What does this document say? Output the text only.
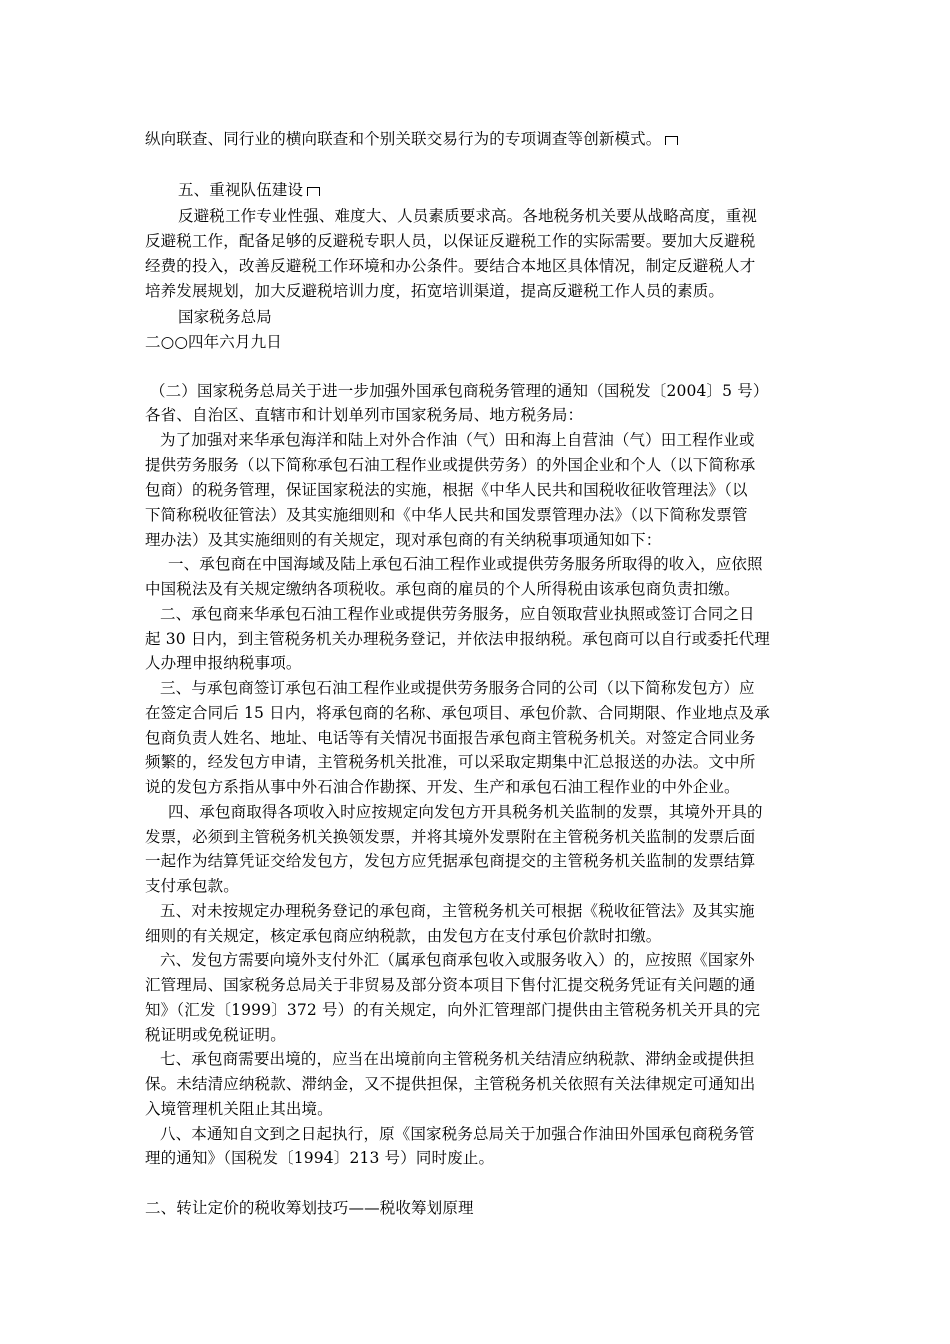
纵向联查、同行业的横向联查和个别关联交易行为的专项调查等创新模式。
五、重视队伍建设
反避税工作专业性强、难度大、人员素质要求高。各地税务机关要从战略高度，重视
反避税工作，配备足够的反避税专职人员，以保证反避税工作的实际需要。要加大反避税
经费的投入，改善反避税工作环境和办公条件。要结合本地区具体情况，制定反避税人才
培养发展规划，加大反避税培训力度，拓宽培训渠道，提高反避税工作人员的素质。
国家税务总局
二○○四年六月九日
（二）国家税务总局关于进一步加强外国承包商税务管理的通知（国税发〔2004〕5 号）
各省、自治区、直辖市和计划单列市国家税务局、地方税务局：
为了加强对来华承包海洋和陆上对外合作油（气）田和海上自营油（气）田工程作业或
提供劳务服务（以下简称承包石油工程作业或提供劳务）的外国企业和个人（以下简称承
包商）的税务管理，保证国家税法的实施，根据《中华人民共和国税收征收管理法》（以
下简称税收征管法）及其实施细则和《中华人民共和国发票管理办法》（以下简称发票管
理办法）及其实施细则的有关规定，现对承包商的有关纳税事项通知如下：
一、承包商在中国海域及陆上承包石油工程作业或提供劳务服务所取得的收入，应依照
中国税法及有关规定缴纳各项税收。承包商的雇员的个人所得税由该承包商负责扣缴。
二、承包商来华承包石油工程作业或提供劳务服务，应自领取营业执照或签订合同之日
起 30 日内，到主管税务机关办理税务登记，并依法申报纳税。承包商可以自行或委托代理
人办理申报纳税事项。
三、与承包商签订承包石油工程作业或提供劳务服务合同的公司（以下简称发包方）应
在签定合同后 15 日内，将承包商的名称、承包项目、承包价款、合同期限、作业地点及承
包商负责人姓名、地址、电话等有关情况书面报告承包商主管税务机关。对签定合同业务
频繁的，经发包方申请，主管税务机关批准，可以采取定期集中汇总报送的办法。文中所
说的发包方系指从事中外石油合作勘探、开发、生产和承包石油工程作业的中外企业。
四、承包商取得各项收入时应按规定向发包方开具税务机关监制的发票，其境外开具的
发票，必须到主管税务机关换领发票，并将其境外发票附在主管税务机关监制的发票后面
一起作为结算凭证交给发包方，发包方应凭据承包商提交的主管税务机关监制的发票结算
支付承包款。
五、对未按规定办理税务登记的承包商，主管税务机关可根据《税收征管法》及其实施
细则的有关规定，核定承包商应纳税款，由发包方在支付承包价款时扣缴。
六、发包方需要向境外支付外汇（属承包商承包收入或服务收入）的，应按照《国家外
汇管理局、国家税务总局关于非贸易及部分资本项目下售付汇提交税务凭证有关问题的通
知》（汇发〔1999〕372 号）的有关规定，向外汇管理部门提供由主管税务机关开具的完
税证明或免税证明。
七、承包商需要出境的，应当在出境前向主管税务机关结清应纳税款、滞纳金或提供担
保。未结清应纳税款、滞纳金，又不提供担保，主管税务机关依照有关法律规定可通知出
入境管理机关阻止其出境。
八、本通知自文到之日起执行，原《国家税务总局关于加强合作油田外国承包商税务管
理的通知》（国税发〔1994〕213 号）同时废止。
二、转让定价的税收筹划技巧——税收筹划原理
